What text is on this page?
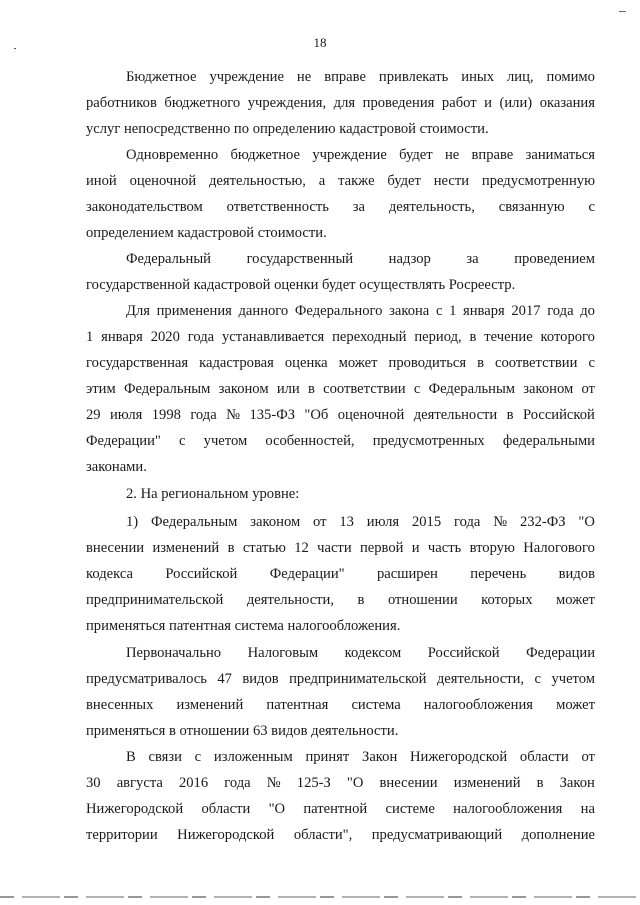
18
Бюджетное учреждение не вправе привлекать иных лиц, помимо
работников бюджетного учреждения, для проведения работ и (или) оказания
услуг непосредственно по определению кадастровой стоимости.
Одновременно бюджетное учреждение будет не вправе заниматься
иной оценочной деятельностью, а также будет нести предусмотренную
законодательством ответственность за деятельность, связанную с
определением кадастровой стоимости.
Федеральный государственный надзор за проведением
государственной кадастровой оценки будет осуществлять Росреестр.
Для применения данного Федерального закона с 1 января 2017 года до
1 января 2020 года устанавливается переходный период, в течение которого
государственная кадастровая оценка может проводиться в соответствии с
этим Федеральным законом или в соответствии с Федеральным законом от
29 июля 1998 года № 135-ФЗ "Об оценочной деятельности в Российской
Федерации" с учетом особенностей, предусмотренных федеральными
законами.
2. На региональном уровне:
1) Федеральным законом от 13 июля 2015 года № 232-ФЗ "О
внесении изменений в статью 12 части первой и часть вторую Налогового
кодекса Российской Федерации" расширен перечень видов
предпринимательской деятельности, в отношении которых может
применяться патентная система налогообложения.
Первоначально Налоговым кодексом Российской Федерации
предусматривалось 47 видов предпринимательской деятельности, с учетом
внесенных изменений патентная система налогообложения может
применяться в отношении 63 видов деятельности.
В связи с изложенным принят Закон Нижегородской области от
30 августа 2016 года № 125-З "О внесении изменений в Закон
Нижегородской области "О патентной системе налогообложения на
территории Нижегородской области", предусматривающий дополнение
